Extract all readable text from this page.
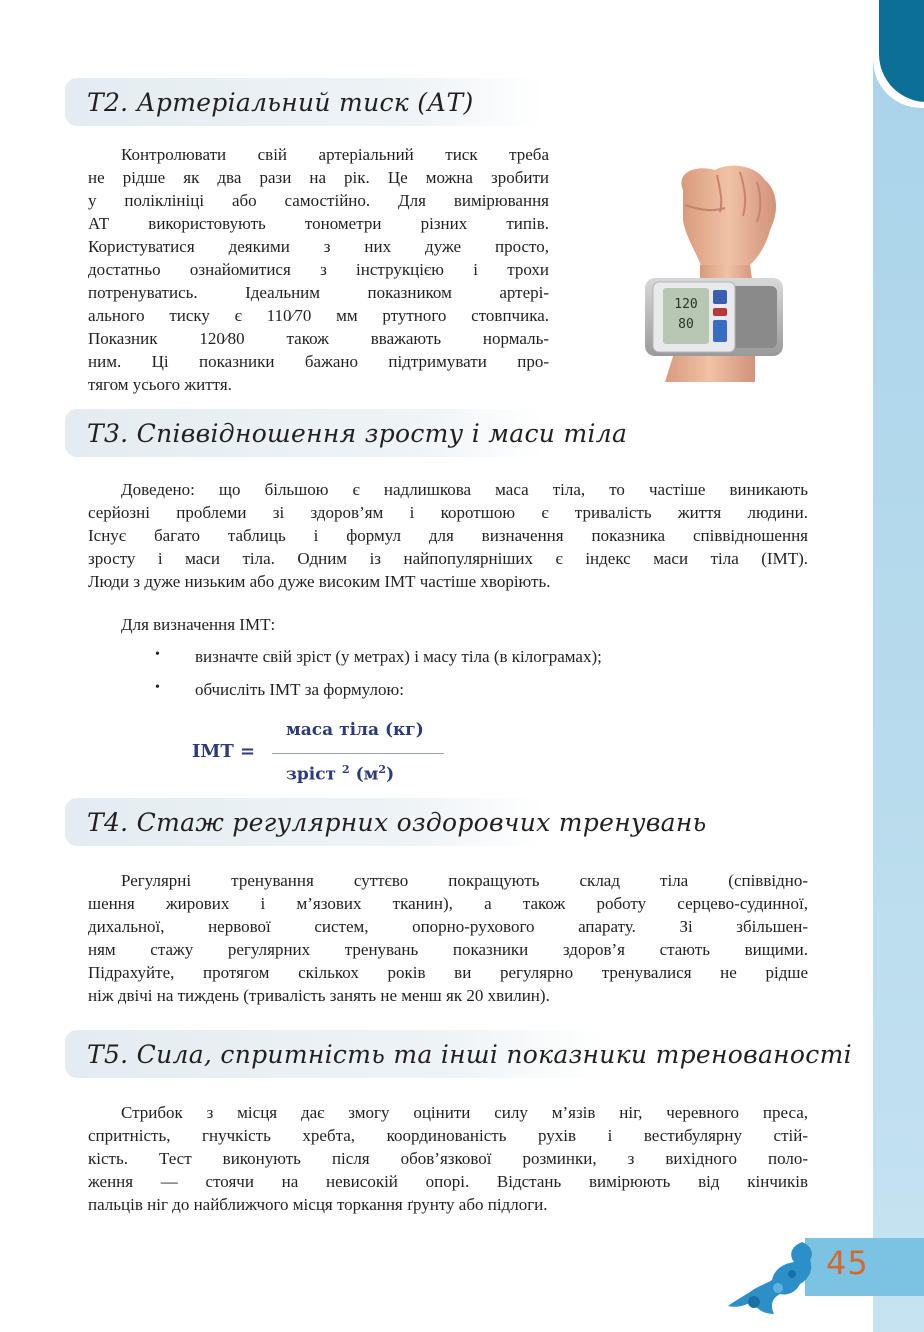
Т2. Артеріальний тиск (АТ)
Контролювати свій артеріальний тиск треба
не рідше як два рази на рік. Це можна зробити
у поліклініці або самостійно. Для вимірювання
АТ використовують тонометри різних типів.
Користуватися деякими з них дуже просто,
достатньо ознайомитися з інструкцією і трохи
потренуватись. Ідеальним показником артері-
ального тиску є 110∕70 мм ртутного стовпчика.
Показник 120∕80 також вважають нормаль-
ним. Ці показники бажано підтримувати про-
тягом усього життя.
120
80
Т3. Співвідношення зросту і маси тіла
Доведено: що більшою є надлишкова маса тіла, то частіше виникають
серйозні проблеми зі здоров’ям і коротшою є тривалість життя людини.
Існує багато таблиць і формул для визначення показника співвідношення
зросту і маси тіла. Одним із найпопулярніших є індекс маси тіла (ІМТ).
Люди з дуже низьким або дуже високим ІМТ частіше хворіють.
Для визначення ІМТ:
• визначте свій зріст (у метрах) і масу тіла (в кілограмах);
• обчисліть ІМТ за формулою:
ІМТ =
маса тіла (кг)
зріст $^2$ $(м^2)$
Т4. Стаж регулярних оздоровчих тренувань
Регулярні тренування суттєво покращують склад тіла (співвідно-
шення жирових і м’язових тканин), а також роботу серцево-судинної,
дихальної, нервової систем, опорно-рухового апарату. Зі збільшен-
ням стажу регулярних тренувань показники здоров’я стають вищими.
Підрахуйте, протягом скількох років ви регулярно тренувалися не рідше
ніж двічі на тиждень (тривалість занять не менш як 20 хвилин).
Т5. Сила, спритність та інші показники тренованості
Стрибок з місця дає змогу оцінити силу м’язів ніг, черевного преса,
спритність, гнучкість хребта, координованість рухів і вестибулярну стій-
кість. Тест виконують після обов’язкової розминки, з вихідного поло-
ження — стоячи на невисокій опорі. Відстань вимірюють від кінчиків
пальців ніг до найближчого місця торкання ґрунту або підлоги.
45
